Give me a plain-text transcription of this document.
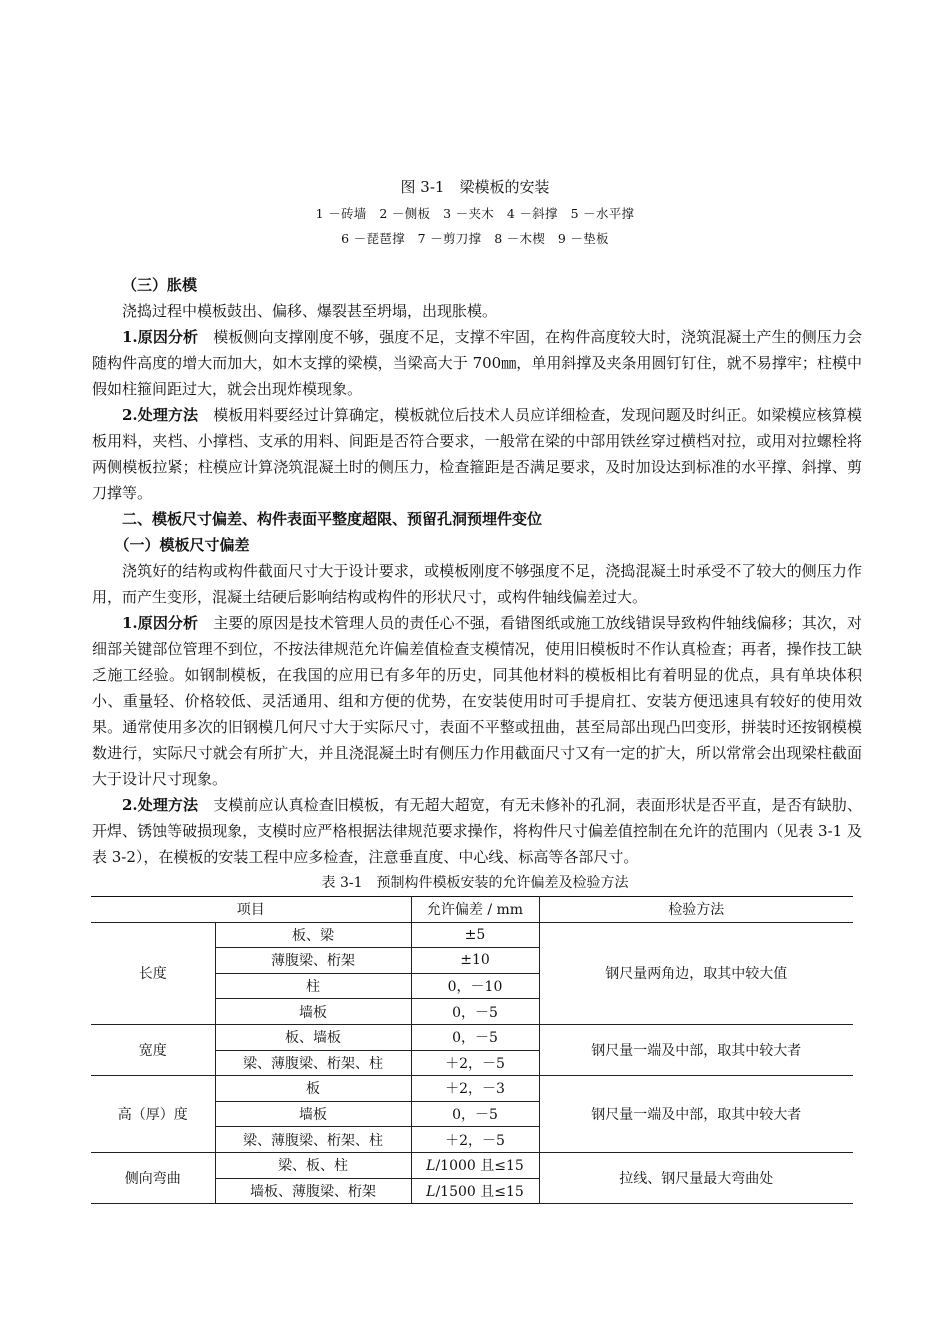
图 3-1　梁模板的安装
1 －砖墙　2 －侧板　3 －夹木　4 －斜撑　5 －水平撑
6 －琵琶撑　7 －剪刀撑　8 －木楔　9 －垫板

（三）胀模

浇捣过程中模板鼓出、偏移、爆裂甚至坍塌，出现胀模。

1.原因分析　模板侧向支撑刚度不够，强度不足，支撑不牢固，在构件高度较大时，浇筑混凝土产生的侧压力会随构件高度的增大而加大，如木支撑的梁模，当梁高大于 700㎜，单用斜撑及夹条用圆钉钉住，就不易撑牢；柱模中假如柱箍间距过大，就会出现炸模现象。

2.处理方法　模板用料要经过计算确定，模板就位后技术人员应详细检查，发现问题及时纠正。如梁模应核算模板用料，夹档、小撑档、支承的用料、间距是否符合要求，一般常在梁的中部用铁丝穿过横档对拉，或用对拉螺栓将两侧模板拉紧；柱模应计算浇筑混凝土时的侧压力，检查箍距是否满足要求，及时加设达到标准的水平撑、斜撑、剪刀撑等。

二、模板尺寸偏差、构件表面平整度超限、预留孔洞预埋件变位

（一）模板尺寸偏差

浇筑好的结构或构件截面尺寸大于设计要求，或模板刚度不够强度不足，浇捣混凝土时承受不了较大的侧压力作用，而产生变形，混凝土结硬后影响结构或构件的形状尺寸，或构件轴线偏差过大。

1.原因分析　主要的原因是技术管理人员的责任心不强，看错图纸或施工放线错误导致构件轴线偏移；其次，对细部关键部位管理不到位，不按法律规范允许偏差值检查支模情况，使用旧模板时不作认真检查；再者，操作技工缺乏施工经验。如钢制模板，在我国的应用已有多年的历史，同其他材料的模板相比有着明显的优点，具有单块体积小、重量轻、价格较低、灵活通用、组和方便的优势，在安装使用时可手提肩扛、安装方便迅速具有较好的使用效果。通常使用多次的旧钢模几何尺寸大于实际尺寸，表面不平整或扭曲，甚至局部出现凸凹变形，拼装时还按钢模模数进行，实际尺寸就会有所扩大，并且浇混凝土时有侧压力作用截面尺寸又有一定的扩大，所以常常会出现梁柱截面大于设计尺寸现象。

2.处理方法　支模前应认真检查旧模板，有无超大超宽，有无未修补的孔洞，表面形状是否平直，是否有缺肋、开焊、锈蚀等破损现象，支模时应严格根据法律规范要求操作，将构件尺寸偏差值控制在允许的范围内（见表 3-1 及表 3-2），在模板的安装工程中应多检查，注意垂直度、中心线、标高等各部尺寸。

表 3-1　预制构件模板安装的允许偏差及检验方法
项目		允许偏差 / mm	检验方法
长度	板、梁	±5	钢尺量两角边，取其中较大值
	薄腹梁、桁架	±10	
	柱	0，－10	
	墙板	0，－5	
宽度	板、墙板	0，－5	钢尺量一端及中部，取其中较大者
	梁、薄腹梁、桁架、柱	＋2，－5	
高（厚）度	板	＋2，－3	钢尺量一端及中部，取其中较大者
	墙板	0，－5	
	梁、薄腹梁、桁架、柱	＋2，－5	
侧向弯曲	梁、板、柱	L/1000 且≤15	拉线、钢尺量最大弯曲处
	墙板、薄腹梁、桁架	L/1500 且≤15	
